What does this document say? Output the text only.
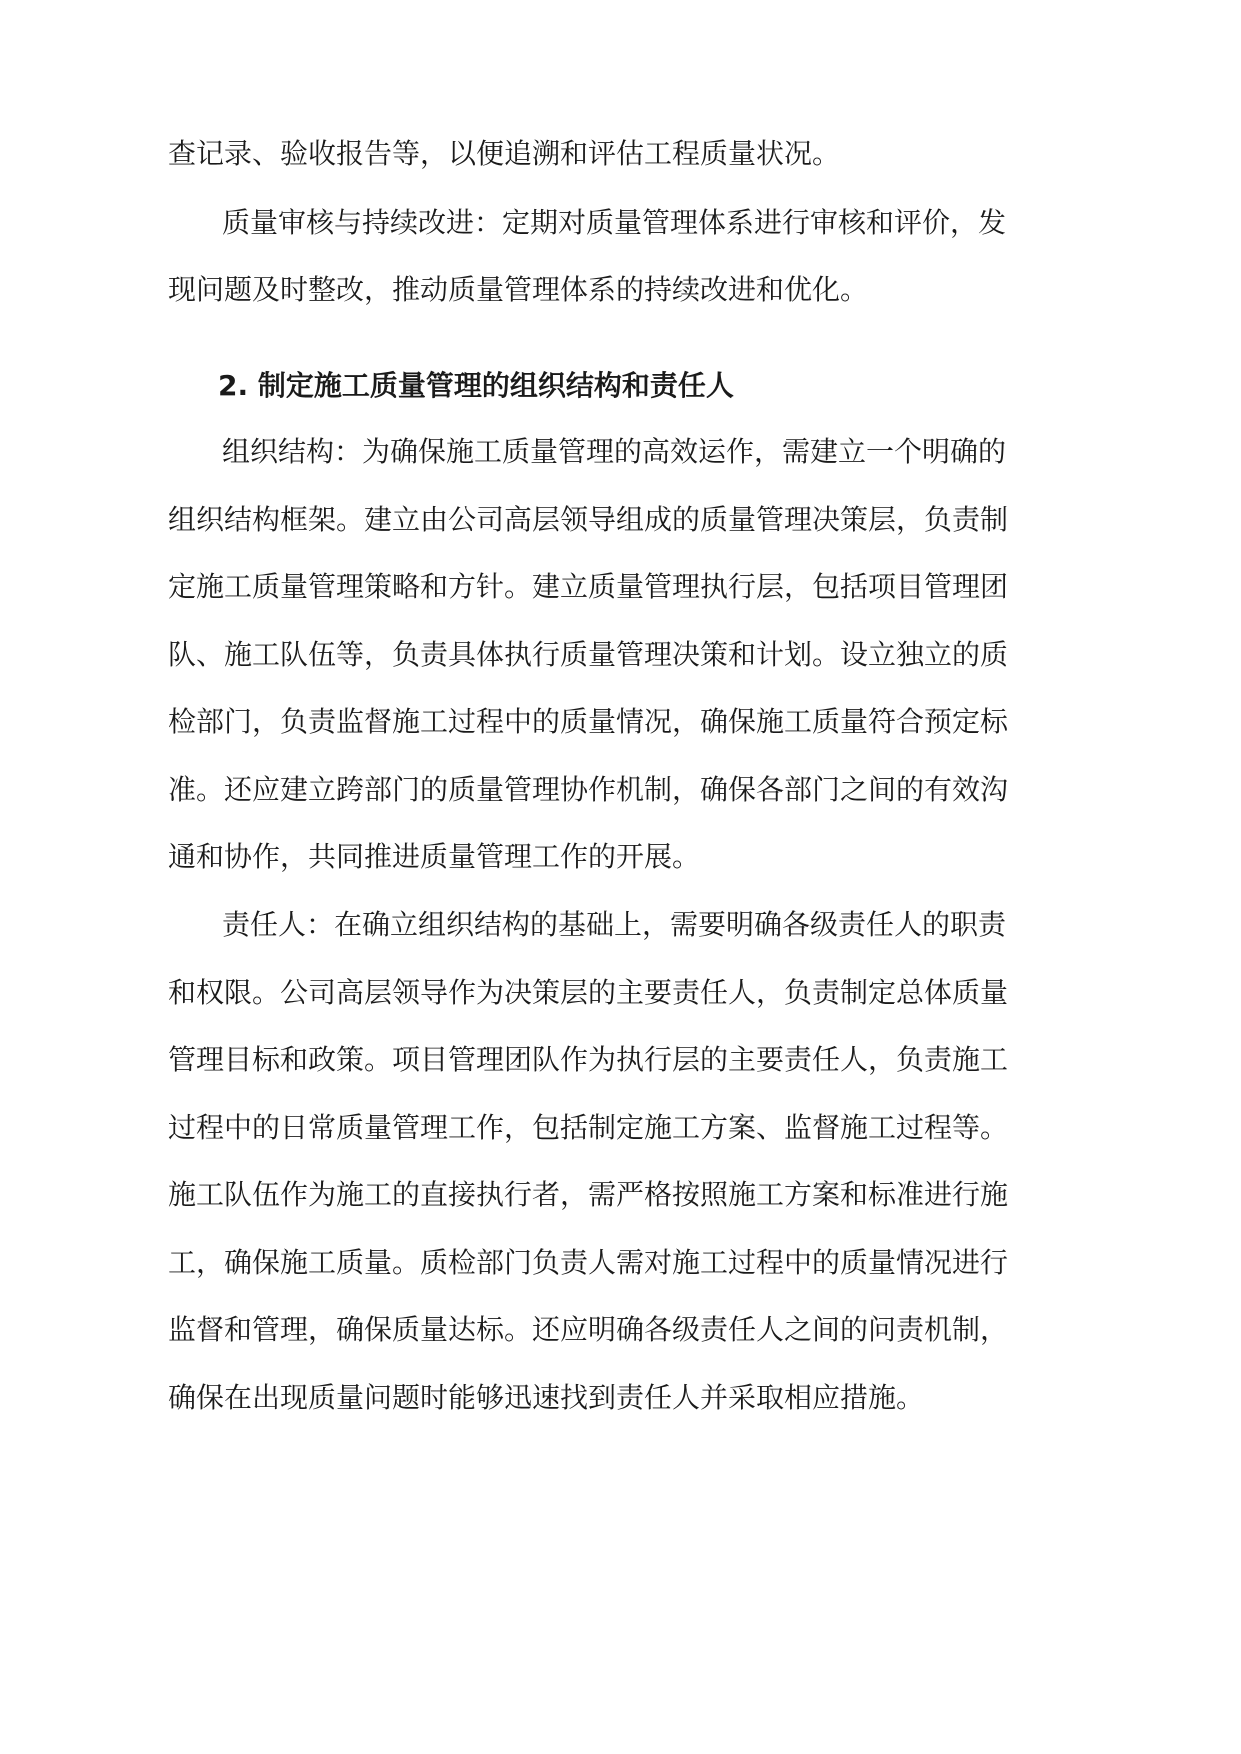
查记录、验收报告等，以便追溯和评估工程质量状况。
质量审核与持续改进：定期对质量管理体系进行审核和评价，发
现问题及时整改，推动质量管理体系的持续改进和优化。
2. 制定施工质量管理的组织结构和责任人
组织结构：为确保施工质量管理的高效运作，需建立一个明确的
组织结构框架。建立由公司高层领导组成的质量管理决策层，负责制
定施工质量管理策略和方针。建立质量管理执行层，包括项目管理团
队、施工队伍等，负责具体执行质量管理决策和计划。设立独立的质
检部门，负责监督施工过程中的质量情况，确保施工质量符合预定标
准。还应建立跨部门的质量管理协作机制，确保各部门之间的有效沟
通和协作，共同推进质量管理工作的开展。
责任人：在确立组织结构的基础上，需要明确各级责任人的职责
和权限。公司高层领导作为决策层的主要责任人，负责制定总体质量
管理目标和政策。项目管理团队作为执行层的主要责任人，负责施工
过程中的日常质量管理工作，包括制定施工方案、监督施工过程等。
施工队伍作为施工的直接执行者，需严格按照施工方案和标准进行施
工，确保施工质量。质检部门负责人需对施工过程中的质量情况进行
监督和管理，确保质量达标。还应明确各级责任人之间的问责机制，
确保在出现质量问题时能够迅速找到责任人并采取相应措施。
